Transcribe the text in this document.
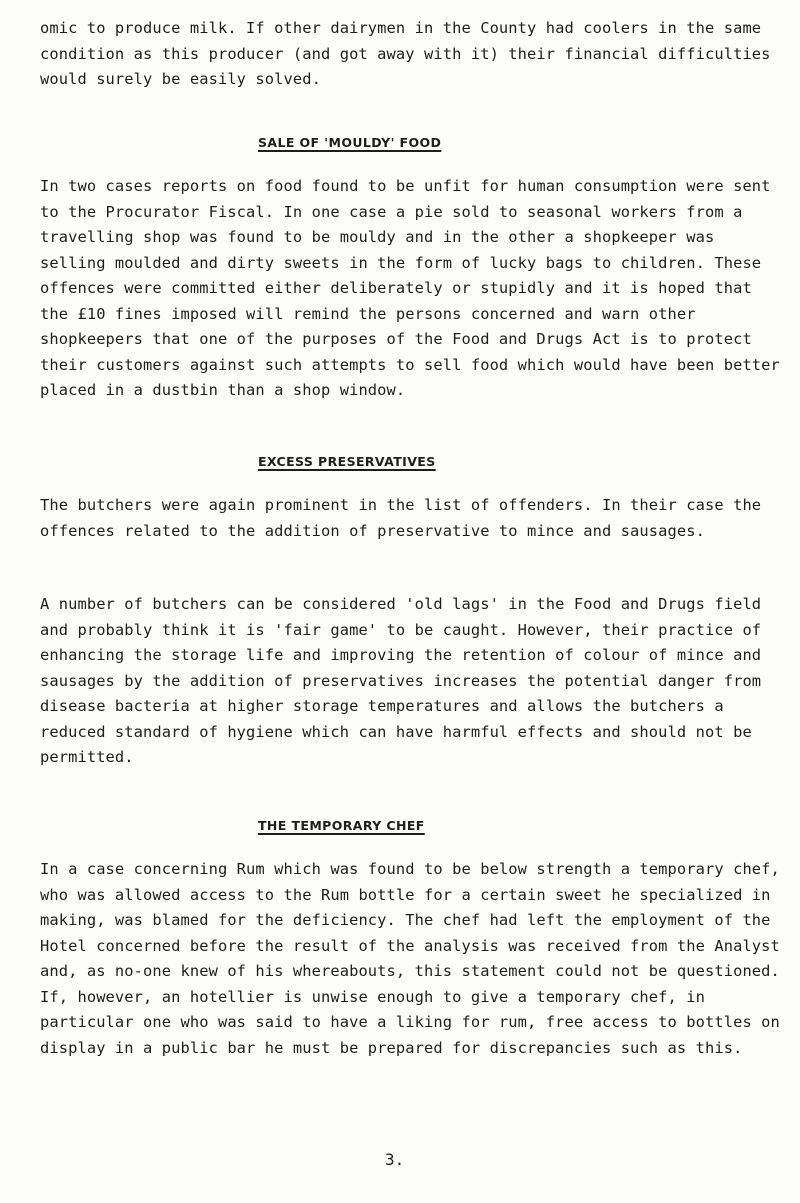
omic to produce milk. If other dairymen in the County had coolers in the same condition as this producer (and got away with it) their financial difficulties would surely be easily solved.

SALE OF 'MOULDY' FOOD

In two cases reports on food found to be unfit for human consumption were sent to the Procurator Fiscal. In one case a pie sold to seasonal workers from a travelling shop was found to be mouldy and in the other a shopkeeper was selling moulded and dirty sweets in the form of lucky bags to children. These offences were committed either deliberately or stupidly and it is hoped that the £10 fines imposed will remind the persons concerned and warn other shopkeepers that one of the purposes of the Food and Drugs Act is to protect their customers against such attempts to sell food which would have been better placed in a dustbin than a shop window.

EXCESS PRESERVATIVES

The butchers were again prominent in the list of offenders. In their case the offences related to the addition of preservative to mince and sausages.

A number of butchers can be considered 'old lags' in the Food and Drugs field and probably think it is 'fair game' to be caught. However, their practice of enhancing the storage life and improving the retention of colour of mince and sausages by the addition of preservatives increases the potential danger from disease bacteria at higher storage temperatures and allows the butchers a reduced standard of hygiene which can have harmful effects and should not be permitted.

THE TEMPORARY CHEF

In a case concerning Rum which was found to be below strength a temporary chef, who was allowed access to the Rum bottle for a certain sweet he specialized in making, was blamed for the deficiency. The chef had left the employment of the Hotel concerned before the result of the analysis was received from the Analyst and, as no-one knew of his whereabouts, this statement could not be questioned. If, however, an hotellier is unwise enough to give a temporary chef, in particular one who was said to have a liking for rum, free access to bottles on display in a public bar he must be prepared for discrepancies such as this.

3.
